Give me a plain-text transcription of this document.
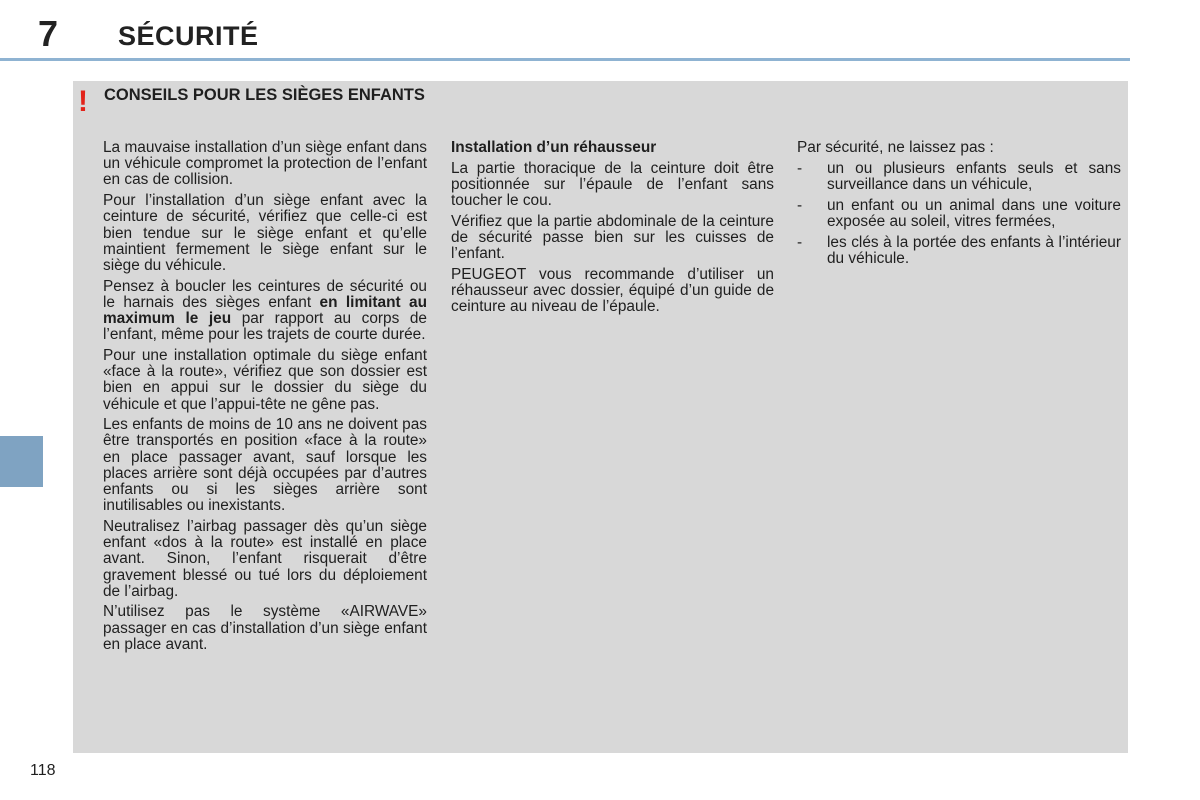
7 SÉCURITÉ
! CONSEILS POUR LES SIÈGES ENFANTS

La mauvaise installation d’un siège enfant dans un véhicule compromet la protection de l’enfant en cas de collision.

Pour l’installation d’un siège enfant avec la ceinture de sécurité, vérifiez que celle-ci est bien tendue sur le siège enfant et qu’elle maintient fermement le siège enfant sur le siège du véhicule.

Pensez à boucler les ceintures de sécurité ou le harnais des sièges enfant en limitant au maximum le jeu par rapport au corps de l’enfant, même pour les trajets de courte durée.

Pour une installation optimale du siège enfant «face à la route», vérifiez que son dossier est bien en appui sur le dossier du siège du véhicule et que l’appui-tête ne gêne pas.

Les enfants de moins de 10 ans ne doivent pas être transportés en position «face à la route» en place passager avant, sauf lorsque les places arrière sont déjà occupées par d’autres enfants ou si les sièges arrière sont inutilisables ou inexistants.

Neutralisez l’airbag passager dès qu’un siège enfant «dos à la route» est installé en place avant. Sinon, l’enfant risquerait d’être gravement blessé ou tué lors du déploiement de l’airbag.

N’utilisez pas le système «AIRWAVE» passager en cas d’installation d’un siège enfant en place avant.

Installation d’un réhausseur

La partie thoracique de la ceinture doit être positionnée sur l’épaule de l’enfant sans toucher le cou.

Vérifiez que la partie abdominale de la ceinture de sécurité passe bien sur les cuisses de l’enfant.

PEUGEOT vous recommande d’utiliser un réhausseur avec dossier, équipé d’un guide de ceinture au niveau de l’épaule.

Par sécurité, ne laissez pas :

- un ou plusieurs enfants seuls et sans surveillance dans un véhicule,
- un enfant ou un animal dans une voiture exposée au soleil, vitres fermées,
- les clés à la portée des enfants à l’intérieur du véhicule.
118
